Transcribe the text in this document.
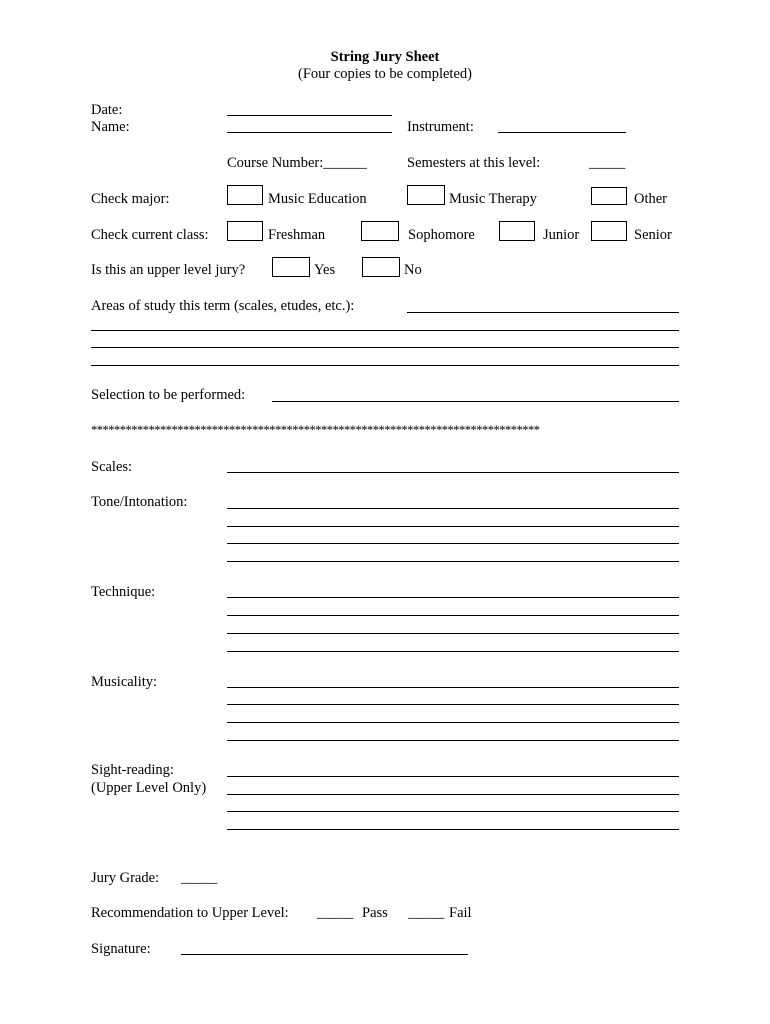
String Jury Sheet
(Four copies to be completed)
Date:
Name:	Instrument:
Course Number:______	Semesters at this level:	_____
Check major:	Music Education	Music Therapy	Other
Check current class:	Freshman	Sophomore	Junior	Senior
Is this an upper level jury?	Yes	No
Areas of study this term (scales, etudes, etc.):
Selection to be performed:
******************************************************************************
Scales:
Tone/Intonation:
Technique:
Musicality:
Sight-reading:
(Upper Level Only)
Jury Grade: _____
Recommendation to Upper Level: _____ Pass _____ Fail
Signature:
